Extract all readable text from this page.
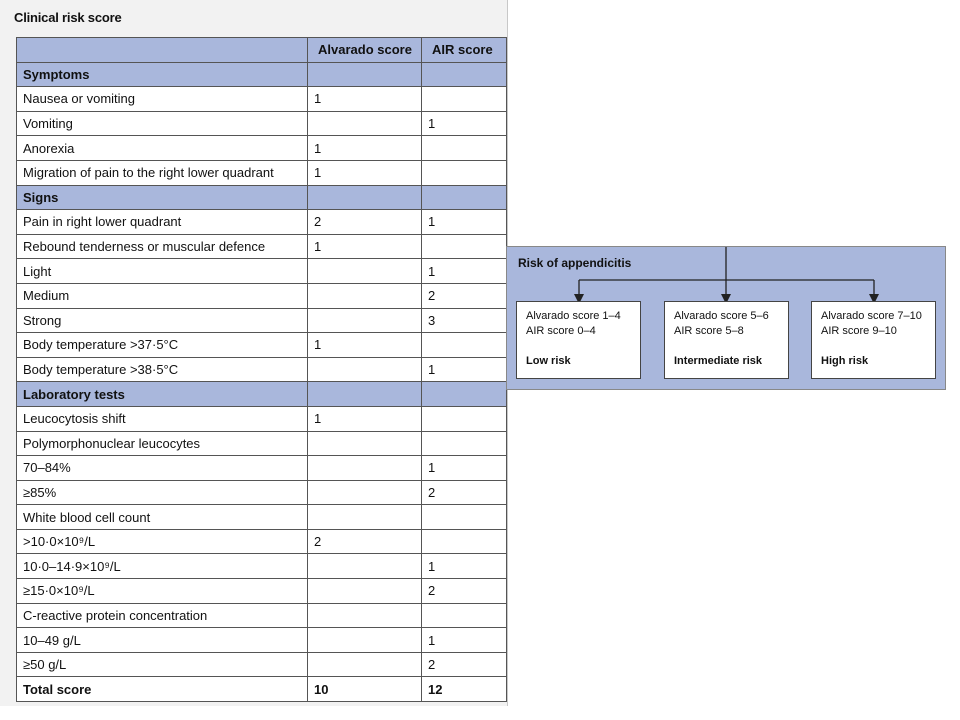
Clinical risk score
	Alvarado score	AIR score
Symptoms		
Nausea or vomiting	1	
Vomiting		1
Anorexia	1	
Migration of pain to the right lower quadrant	1	
Signs		
Pain in right lower quadrant	2	1
Rebound tenderness or muscular defence	1	
Light		1
Medium		2
Strong		3
Body temperature >37·5°C	1	
Body temperature >38·5°C		1
Laboratory tests		
Leucocytosis shift	1	
Polymorphonuclear leucocytes		
70–84%		1
≥85%		2
White blood cell count		
>10·0×10⁹/L	2	
10·0–14·9×10⁹/L		1
≥15·0×10⁹/L		2
C-reactive protein concentration		
10–49 g/L		1
≥50 g/L		2
Total score	10	12
Risk of appendicitis
Alvarado score 1–4
AIR score 0–4
Low risk
Alvarado score 5–6
AIR score 5–8
Intermediate risk
Alvarado score 7–10
AIR score 9–10
High risk
